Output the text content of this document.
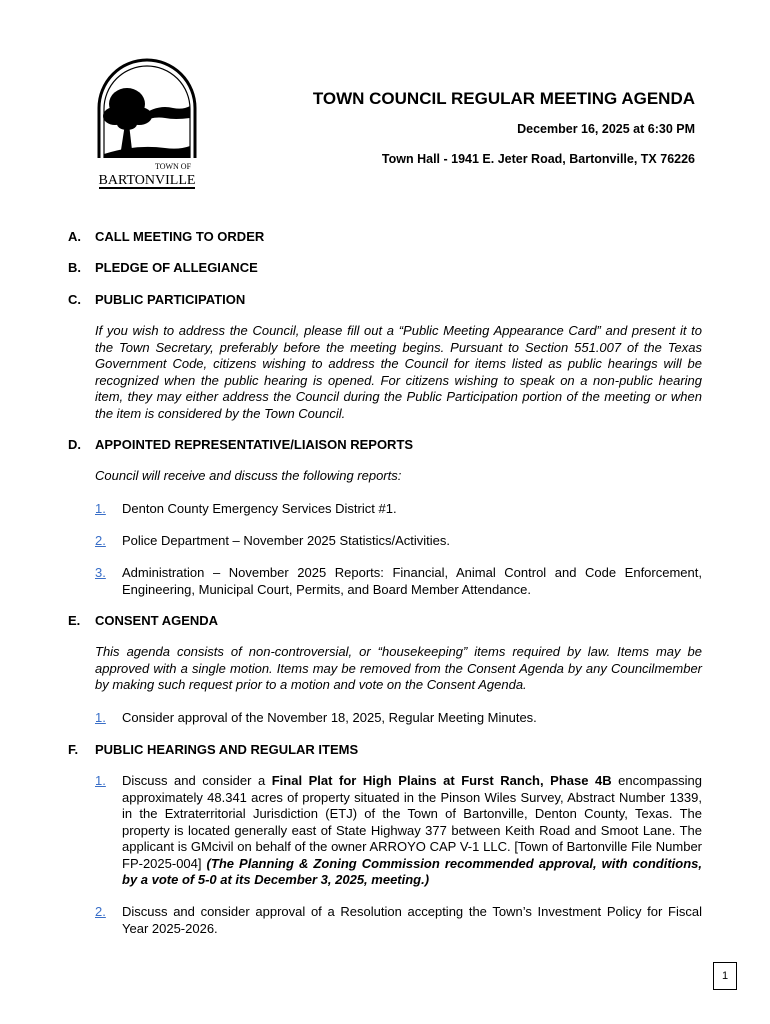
TOWN OF
BARTONVILLE
TOWN COUNCIL REGULAR MEETING AGENDA
December 16, 2025 at 6:30 PM
Town Hall - 1941 E. Jeter Road, Bartonville, TX 76226
A. CALL MEETING TO ORDER
B. PLEDGE OF ALLEGIANCE
C. PUBLIC PARTICIPATION
If you wish to address the Council, please fill out a “Public Meeting Appearance Card” and present it to the Town Secretary, preferably before the meeting begins. Pursuant to Section 551.007 of the Texas Government Code, citizens wishing to address the Council for items listed as public hearings will be recognized when the public hearing is opened. For citizens wishing to speak on a non-public hearing item, they may either address the Council during the Public Participation portion of the meeting or when the item is considered by the Town Council.
D. APPOINTED REPRESENTATIVE/LIAISON REPORTS
Council will receive and discuss the following reports:
1. Denton County Emergency Services District #1.
2. Police Department – November 2025 Statistics/Activities.
3. Administration – November 2025 Reports: Financial, Animal Control and Code Enforcement, Engineering, Municipal Court, Permits, and Board Member Attendance.
E. CONSENT AGENDA
This agenda consists of non-controversial, or “housekeeping” items required by law. Items may be approved with a single motion. Items may be removed from the Consent Agenda by any Councilmember by making such request prior to a motion and vote on the Consent Agenda.
1. Consider approval of the November 18, 2025, Regular Meeting Minutes.
F. PUBLIC HEARINGS AND REGULAR ITEMS
1. Discuss and consider a Final Plat for High Plains at Furst Ranch, Phase 4B encompassing approximately 48.341 acres of property situated in the Pinson Wiles Survey, Abstract Number 1339, in the Extraterritorial Jurisdiction (ETJ) of the Town of Bartonville, Denton County, Texas. The property is located generally east of State Highway 377 between Keith Road and Smoot Lane. The applicant is GMcivil on behalf of the owner ARROYO CAP V-1 LLC. [Town of Bartonville File Number FP-2025-004] (The Planning & Zoning Commission recommended approval, with conditions, by a vote of 5-0 at its December 3, 2025, meeting.)
2. Discuss and consider approval of a Resolution accepting the Town’s Investment Policy for Fiscal Year 2025-2026.
1
